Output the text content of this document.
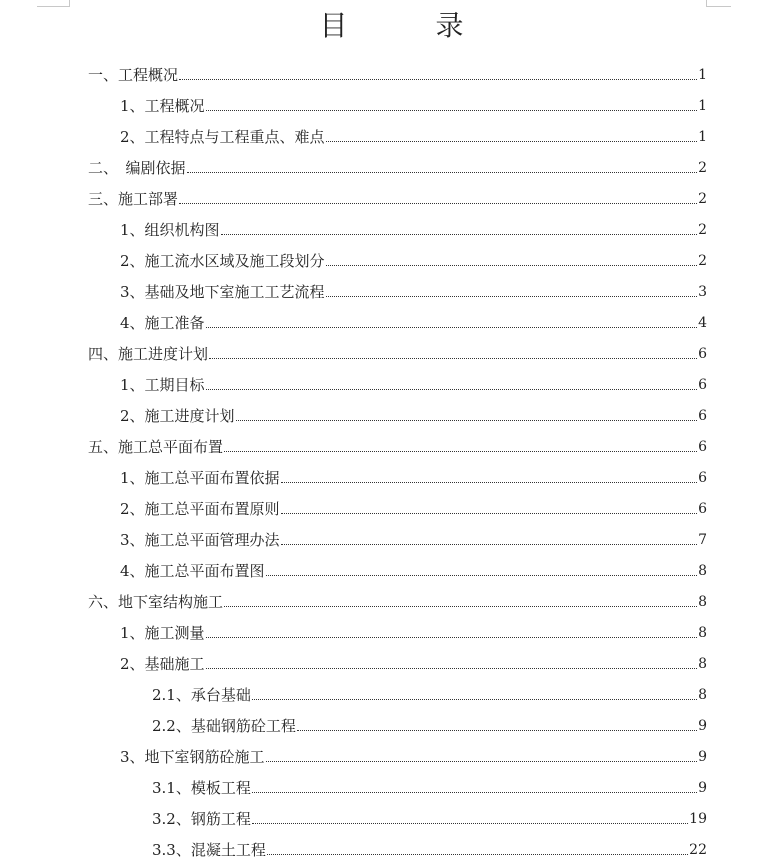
目　录
一、工程概况	1
1、工程概况	1
2、工程特点与工程重点、难点	1
二、　编剧依据	2
三、施工部署	2
1、组织机构图	2
2、施工流水区域及施工段划分	2
3、基础及地下室施工工艺流程	3
4、施工准备	4
四、施工进度计划	6
1、工期目标	6
2、施工进度计划	6
五、施工总平面布置	6
1、施工总平面布置依据	6
2、施工总平面布置原则	6
3、施工总平面管理办法	7
4、施工总平面布置图	8
六、地下室结构施工	8
1、施工测量	8
2、基础施工	8
2.1、承台基础	8
2.2、基础钢筋砼工程	9
3、地下室钢筋砼施工	9
3.1、模板工程	9
3.2、钢筋工程	19
3.3、混凝土工程	22
